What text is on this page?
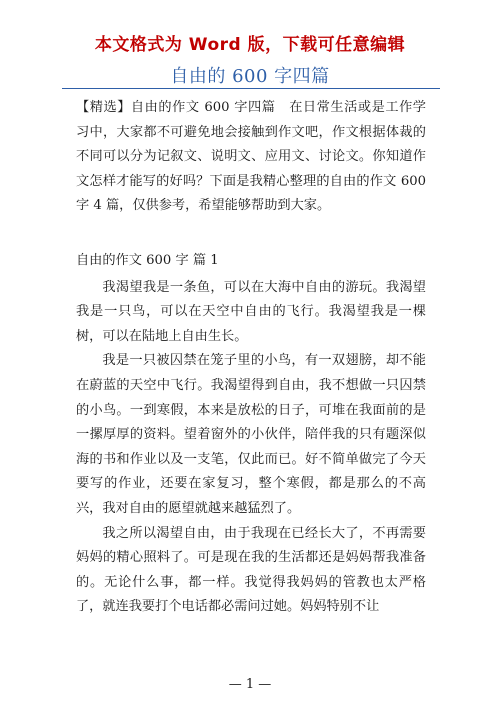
本文格式为 Word 版，下载可任意编辑
自由的 600 字四篇

【精选】自由的作文 600 字四篇　在日常生活或是工作学习中，大家都不可避免地会接触到作文吧，作文根据体裁的不同可以分为记叙文、说明文、应用文、讨论文。你知道作文怎样才能写的好吗？下面是我精心整理的自由的作文 600 字 4 篇，仅供参考，希望能够帮助到大家。

自由的作文 600 字 篇 1

我渴望我是一条鱼，可以在大海中自由的游玩。我渴望我是一只鸟，可以在天空中自由的飞行。我渴望我是一棵树，可以在陆地上自由生长。

我是一只被囚禁在笼子里的小鸟，有一双翅膀，却不能在蔚蓝的天空中飞行。我渴望得到自由，我不想做一只囚禁的小鸟。一到寒假，本来是放松的日子，可堆在我面前的是一摞厚厚的资料。望着窗外的小伙伴，陪伴我的只有题深似海的书和作业以及一支笔，仅此而已。好不简单做完了今天要写的作业，还要在家复习，整个寒假，都是那么的不高兴，我对自由的愿望就越来越猛烈了。

我之所以渴望自由，由于我现在已经长大了，不再需要妈妈的精心照料了。可是现在我的生活都还是妈妈帮我准备的。无论什么事，都一样。我觉得我妈妈的管教也太严格了，就连我要打个电话都必需问过她。妈妈特别不让

— 1 —
